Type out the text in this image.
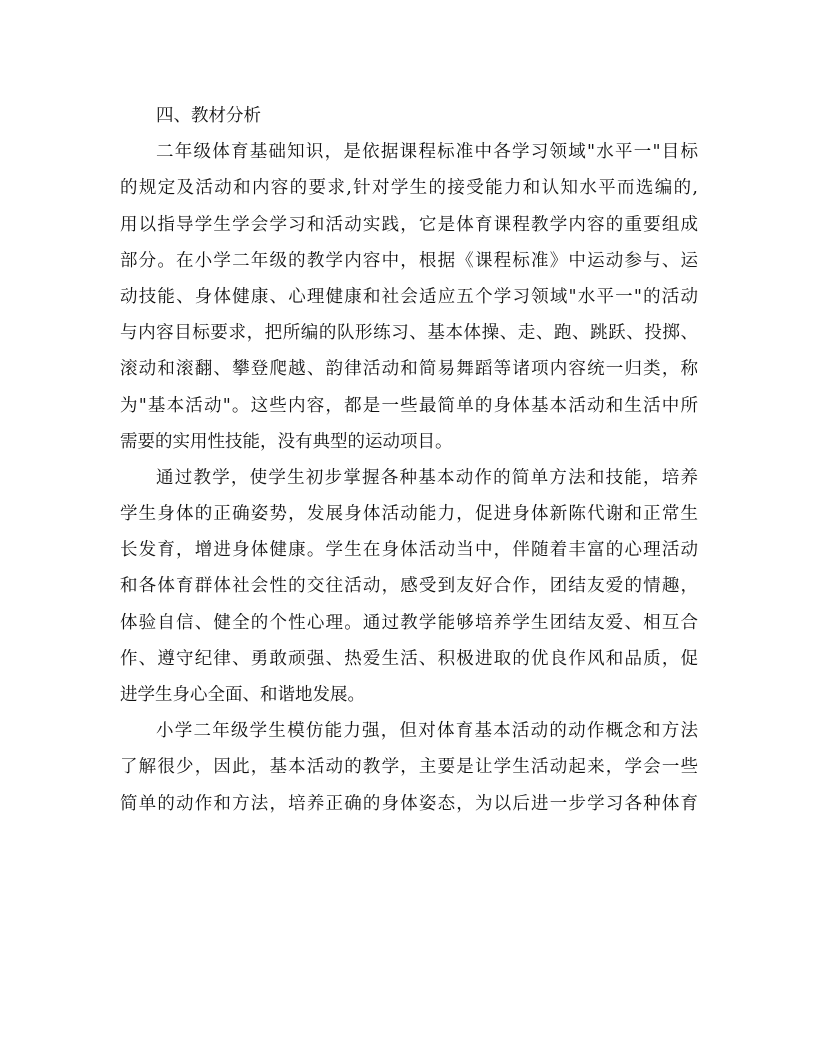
四、教材分析
二年级体育基础知识，是依据课程标准中各学习领域"水平一"目标
的规定及活动和内容的要求,针对学生的接受能力和认知水平而选编的,
用以指导学生学会学习和活动实践，它是体育课程教学内容的重要组成
部分。在小学二年级的教学内容中，根据《课程标准》中运动参与、运
动技能、身体健康、心理健康和社会适应五个学习领域"水平一"的活动
与内容目标要求，把所编的队形练习、基本体操、走、跑、跳跃、投掷、
滚动和滚翻、攀登爬越、韵律活动和简易舞蹈等诸项内容统一归类，称
为"基本活动"。这些内容，都是一些最简单的身体基本活动和生活中所
需要的实用性技能，没有典型的运动项目。
通过教学，使学生初步掌握各种基本动作的简单方法和技能，培养
学生身体的正确姿势，发展身体活动能力，促进身体新陈代谢和正常生
长发育，增进身体健康。学生在身体活动当中，伴随着丰富的心理活动
和各体育群体社会性的交往活动，感受到友好合作，团结友爱的情趣，
体验自信、健全的个性心理。通过教学能够培养学生团结友爱、相互合
作、遵守纪律、勇敢顽强、热爱生活、积极进取的优良作风和品质，促
进学生身心全面、和谐地发展。
小学二年级学生模仿能力强，但对体育基本活动的动作概念和方法
了解很少，因此，基本活动的教学，主要是让学生活动起来，学会一些
简单的动作和方法，培养正确的身体姿态，为以后进一步学习各种体育
